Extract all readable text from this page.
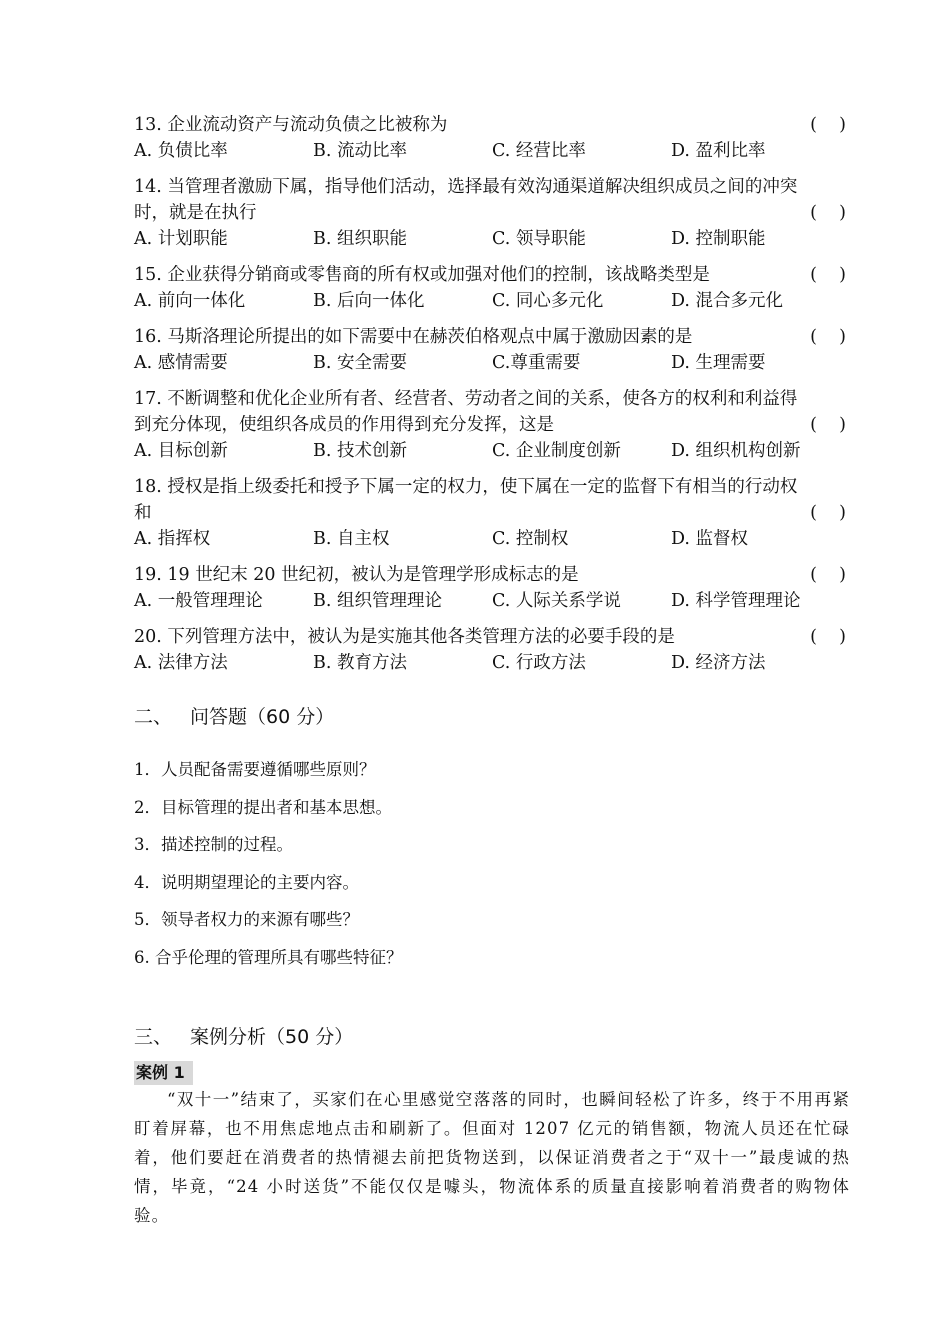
13. 企业流动资产与流动负债之比被称为	(    )
A. 负债比率	B. 流动比率	C. 经营比率	D. 盈利比率
14. 当管理者激励下属，指导他们活动，选择最有效沟通渠道解决组织成员之间的冲突
时，就是在执行	(    )
A. 计划职能	B. 组织职能	C. 领导职能	D. 控制职能
15. 企业获得分销商或零售商的所有权或加强对他们的控制，该战略类型是	(    )
A. 前向一体化	B. 后向一体化	C. 同心多元化	D. 混合多元化
16. 马斯洛理论所提出的如下需要中在赫茨伯格观点中属于激励因素的是	(    )
A. 感情需要	B. 安全需要	C.尊重需要	D. 生理需要
17. 不断调整和优化企业所有者、经营者、劳动者之间的关系，使各方的权利和利益得
到充分体现，使组织各成员的作用得到充分发挥，这是	(    )
A. 目标创新	B. 技术创新	C. 企业制度创新	D. 组织机构创新
18. 授权是指上级委托和授予下属一定的权力，使下属在一定的监督下有相当的行动权
和	(    )
A. 指挥权	B. 自主权	C. 控制权	D. 监督权
19. 19 世纪末 20 世纪初，被认为是管理学形成标志的是	(    )
A. 一般管理理论	B. 组织管理理论	C. 人际关系学说	D. 科学管理理论
20. 下列管理方法中，被认为是实施其他各类管理方法的必要手段的是	(    )
A. 法律方法	B. 教育方法	C. 行政方法	D. 经济方法
二、 问答题（60 分）
1．人员配备需要遵循哪些原则？
2．目标管理的提出者和基本思想。
3．描述控制的过程。
4．说明期望理论的主要内容。
5．领导者权力的来源有哪些？
6. 合乎伦理的管理所具有哪些特征？
三、 案例分析（50 分）
案例 1

“双十一”结束了，买家们在心里感觉空落落的同时，也瞬间轻松了许多，终于不用再紧盯着屏幕，也不用焦虑地点击和刷新了。但面对 1207 亿元的销售额，物流人员还在忙碌着，他们要赶在消费者的热情褪去前把货物送到，以保证消费者之于“双十一”最虔诚的热情，毕竟，“24 小时送货”不能仅仅是噱头，物流体系的质量直接影响着消费者的购物体验。
